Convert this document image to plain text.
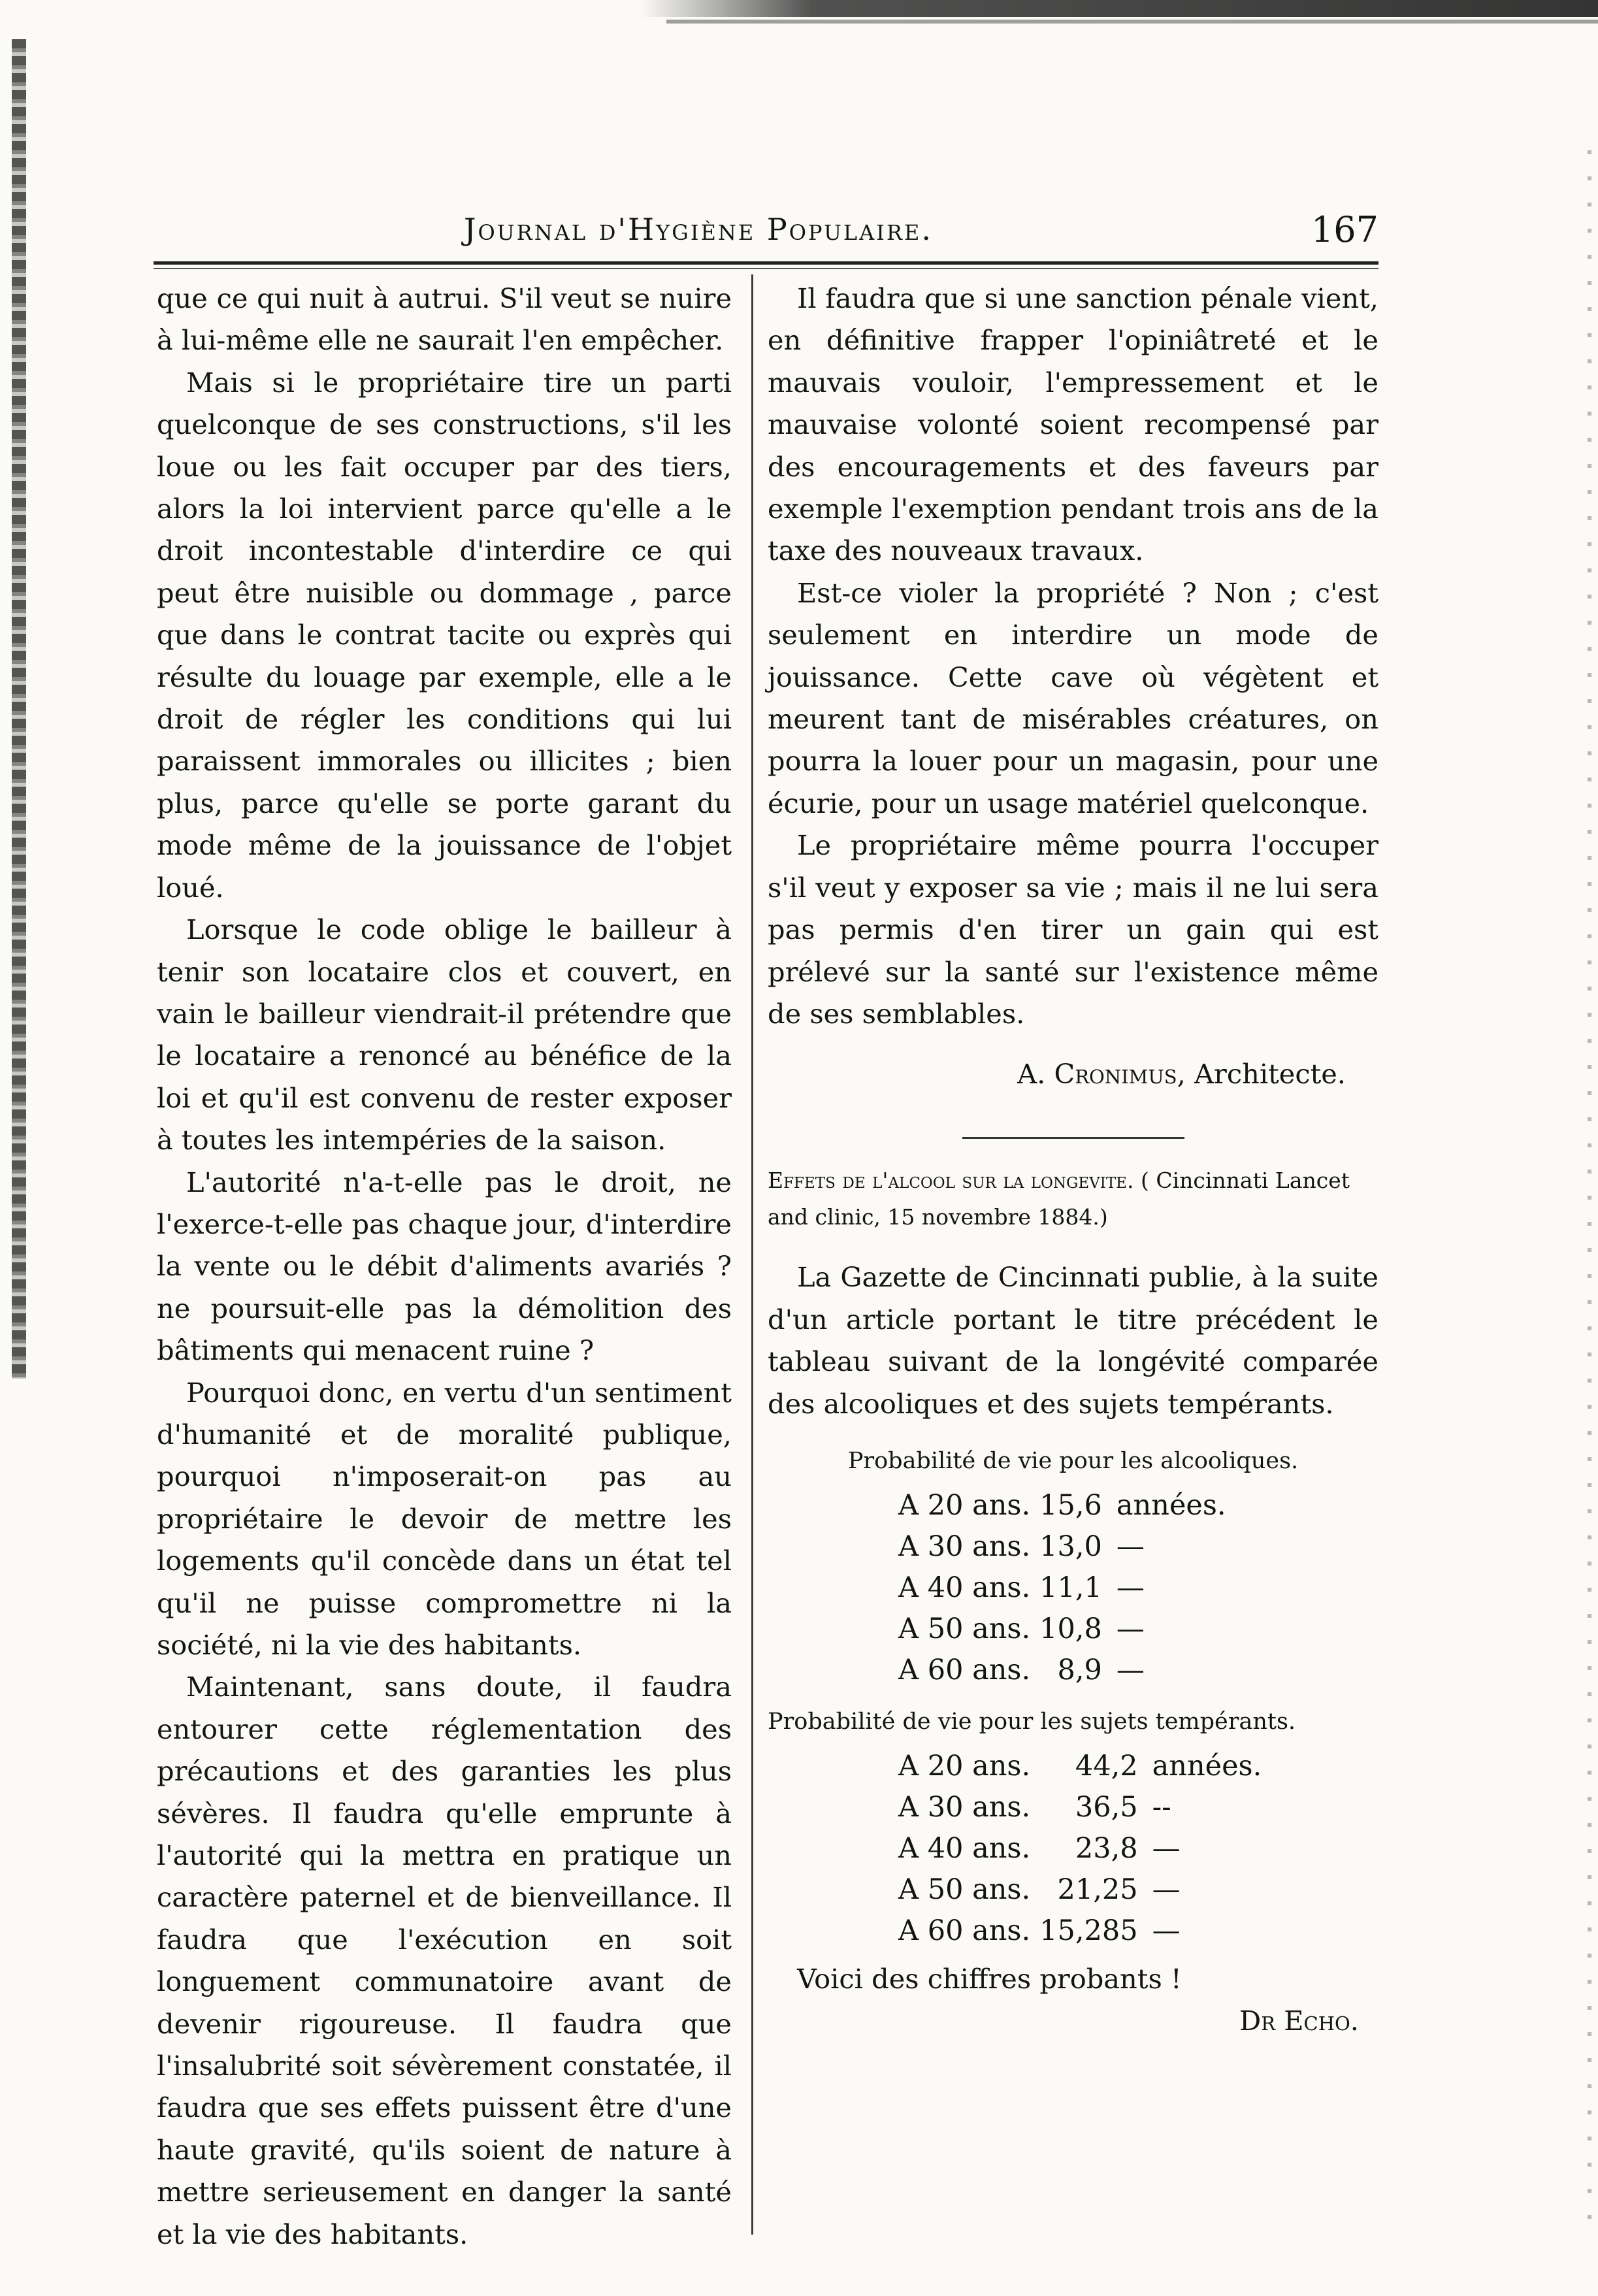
Journal d'Hygiène Populaire.	167

que ce qui nuit à autrui. S'il veut se nuire à lui-même elle ne saurait l'en empêcher.

Mais si le propriétaire tire un parti quelconque de ses constructions, s'il les loue ou les fait occuper par des tiers, alors la loi intervient parce qu'elle a le droit incontestable d'interdire ce qui peut être nuisible ou dommage , parce que dans le contrat tacite ou exprès qui résulte du louage par exemple, elle a le droit de régler les conditions qui lui paraissent immorales ou illicites ; bien plus, parce qu'elle se porte garant du mode même de la jouissance de l'objet loué.

Lorsque le code oblige le bailleur à tenir son locataire clos et couvert, en vain le bailleur viendrait-il prétendre que le locataire a renoncé au bénéfice de la loi et qu'il est convenu de rester exposer à toutes les intempéries de la saison.

L'autorité n'a-t-elle pas le droit, ne l'exerce-t-elle pas chaque jour, d'interdire la vente ou le débit d'aliments avariés ? ne poursuit-elle pas la démolition des bâtiments qui menacent ruine ?

Pourquoi donc, en vertu d'un sentiment d'humanité et de moralité publique, pourquoi n'imposerait-on pas au propriétaire le devoir de mettre les logements qu'il concède dans un état tel qu'il ne puisse compromettre ni la société, ni la vie des habitants.

Maintenant, sans doute, il faudra entourer cette réglementation des précautions et des garanties les plus sévères. Il faudra qu'elle emprunte à l'autorité qui la mettra en pratique un caractère paternel et de bienveillance. Il faudra que l'exécution en soit longuement communatoire avant de devenir rigoureuse. Il faudra que l'insalubrité soit sévèrement constatée, il faudra que ses effets puissent être d'une haute gravité, qu'ils soient de nature à mettre serieusement en danger la santé et la vie des habitants.

Il faudra que si une sanction pénale vient, en définitive frapper l'opiniâtreté et le mauvais vouloir, l'empressement et le mauvaise volonté soient recompensé par des encouragements et des faveurs par exemple l'exemption pendant trois ans de la taxe des nouveaux travaux.

Est-ce violer la propriété ? Non ; c'est seulement en interdire un mode de jouissance. Cette cave où végètent et meurent tant de misérables créatures, on pourra la louer pour un magasin, pour une écurie, pour un usage matériel quelconque.

Le propriétaire même pourra l'occuper s'il veut y exposer sa vie ; mais il ne lui sera pas permis d'en tirer un gain qui est prélevé sur la santé sur l'existence même de ses semblables.

A. Cronimus, Architecte.
Effets de l'alcool sur la longevite. ( Cincinnati Lancet and clinic, 15 novembre 1884.)

La Gazette de Cincinnati publie, à la suite d'un article portant le titre précédent le tableau suivant de la longévité comparée des alcooliques et des sujets tempérants.

Probabilité de vie pour les alcooliques.
A 20 ans.	15,6	années.
A 30 ans.	13,0	—
A 40 ans.	11,1	—
A 50 ans.	10,8	—
A 60 ans.	8,9	—
Probabilité de vie pour les sujets tempérants.
A 20 ans.	44,2	années.
A 30 ans.	36,5	--
A 40 ans.	23,8	—
A 50 ans.	21,25	—
A 60 ans.	15,285	—

Voici des chiffres probants !

Dr Echo.
